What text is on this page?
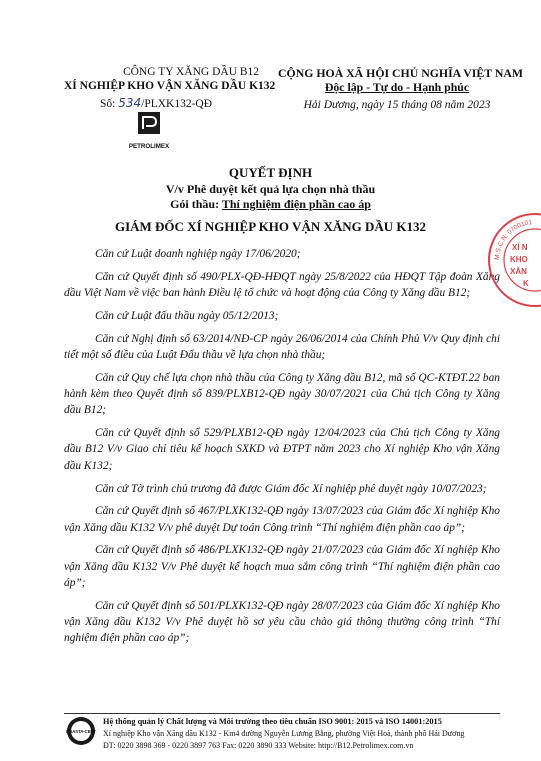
CÔNG TY XĂNG DẦU B12
XÍ NGHIỆP KHO VẬN XĂNG DẦU K132
Số: 534/PLXK132-QĐ
CỘNG HOÀ XÃ HỘI CHỦ NGHĨA VIỆT NAM
Độc lập - Tự do - Hạnh phúc
Hải Dương, ngày 15 tháng 08 năm 2023
PETROLIMEX
QUYẾT ĐỊNH
V/v Phê duyệt kết quả lựa chọn nhà thầu
Gói thầu: Thí nghiệm điện phần cao áp
GIÁM ĐỐC XÍ NGHIỆP KHO VẬN XĂNG DẦU K132

Căn cứ Luật doanh nghiệp ngày 17/06/2020;

Căn cứ Quyết định số 490/PLX-QĐ-HĐQT ngày 25/8/2022 của HĐQT Tập đoàn Xăng dầu Việt Nam về việc ban hành Điều lệ tổ chức và hoạt động của Công ty Xăng dầu B12;

Căn cứ Luật đấu thầu ngày 05/12/2013;

Căn cứ Nghị định số 63/2014/NĐ-CP ngày 26/06/2014 của Chính Phủ V/v Quy định chi tiết một số điều của Luật Đấu thầu về lựa chọn nhà thầu;

Căn cứ Quy chế lựa chọn nhà thầu của Công ty Xăng dầu B12, mã số QC-KTĐT.22 ban hành kèm theo Quyết định số 839/PLXB12-QĐ ngày 30/07/2021 của Chủ tịch Công ty Xăng dầu B12;

Căn cứ Quyết định số 529/PLXB12-QĐ ngày 12/04/2023 của Chủ tịch Công ty Xăng dầu B12 V/v Giao chỉ tiêu kế hoạch SXKD và ĐTPT năm 2023 cho Xí nghiệp Kho vận Xăng dầu K132;

Căn cứ Tờ trình chủ trương đã được Giám đốc Xí nghiệp phê duyệt ngày 10/07/2023;

Căn cứ Quyết định số 467/PLXK132-QĐ ngày 13/07/2023 của Giám đốc Xí nghiệp Kho vận Xăng dầu K132 V/v phê duyệt Dự toán Công trình “Thí nghiệm điện phần cao áp”;

Căn cứ Quyết định số 486/PLXK132-QĐ ngày 21/07/2023 của Giám đốc Xí nghiệp Kho vận Xăng dầu K132 V/v Phê duyệt kế hoạch mua sắm công trình “Thí nghiệm điện phần cao áp”;

Căn cứ Quyết định số 501/PLXK132-QĐ ngày 28/07/2023 của Giám đốc Xí nghiệp Kho vận Xăng dầu K132 V/v Phê duyệt hồ sơ yêu cầu chào giá thông thường công trình “Thí nghiệm điện phần cao áp”;

M.S.C.N: 0700101
XÍ N
KHO
XĂN
K
QUASTA-CERT
Hệ thống quản lý Chất lượng và Môi trường theo tiêu chuẩn ISO 9001: 2015 và ISO 14001:2015
Xí nghiệp Kho vận Xăng dầu K132 - Km4 đường Nguyễn Lương Bằng, phường Việt Hoà, thành phố Hải Dương
ĐT: 0220 3898 369 - 0220 3897 763 Fax: 0220 3890 333 Website: http://B12.Petrolimex.com.vn
